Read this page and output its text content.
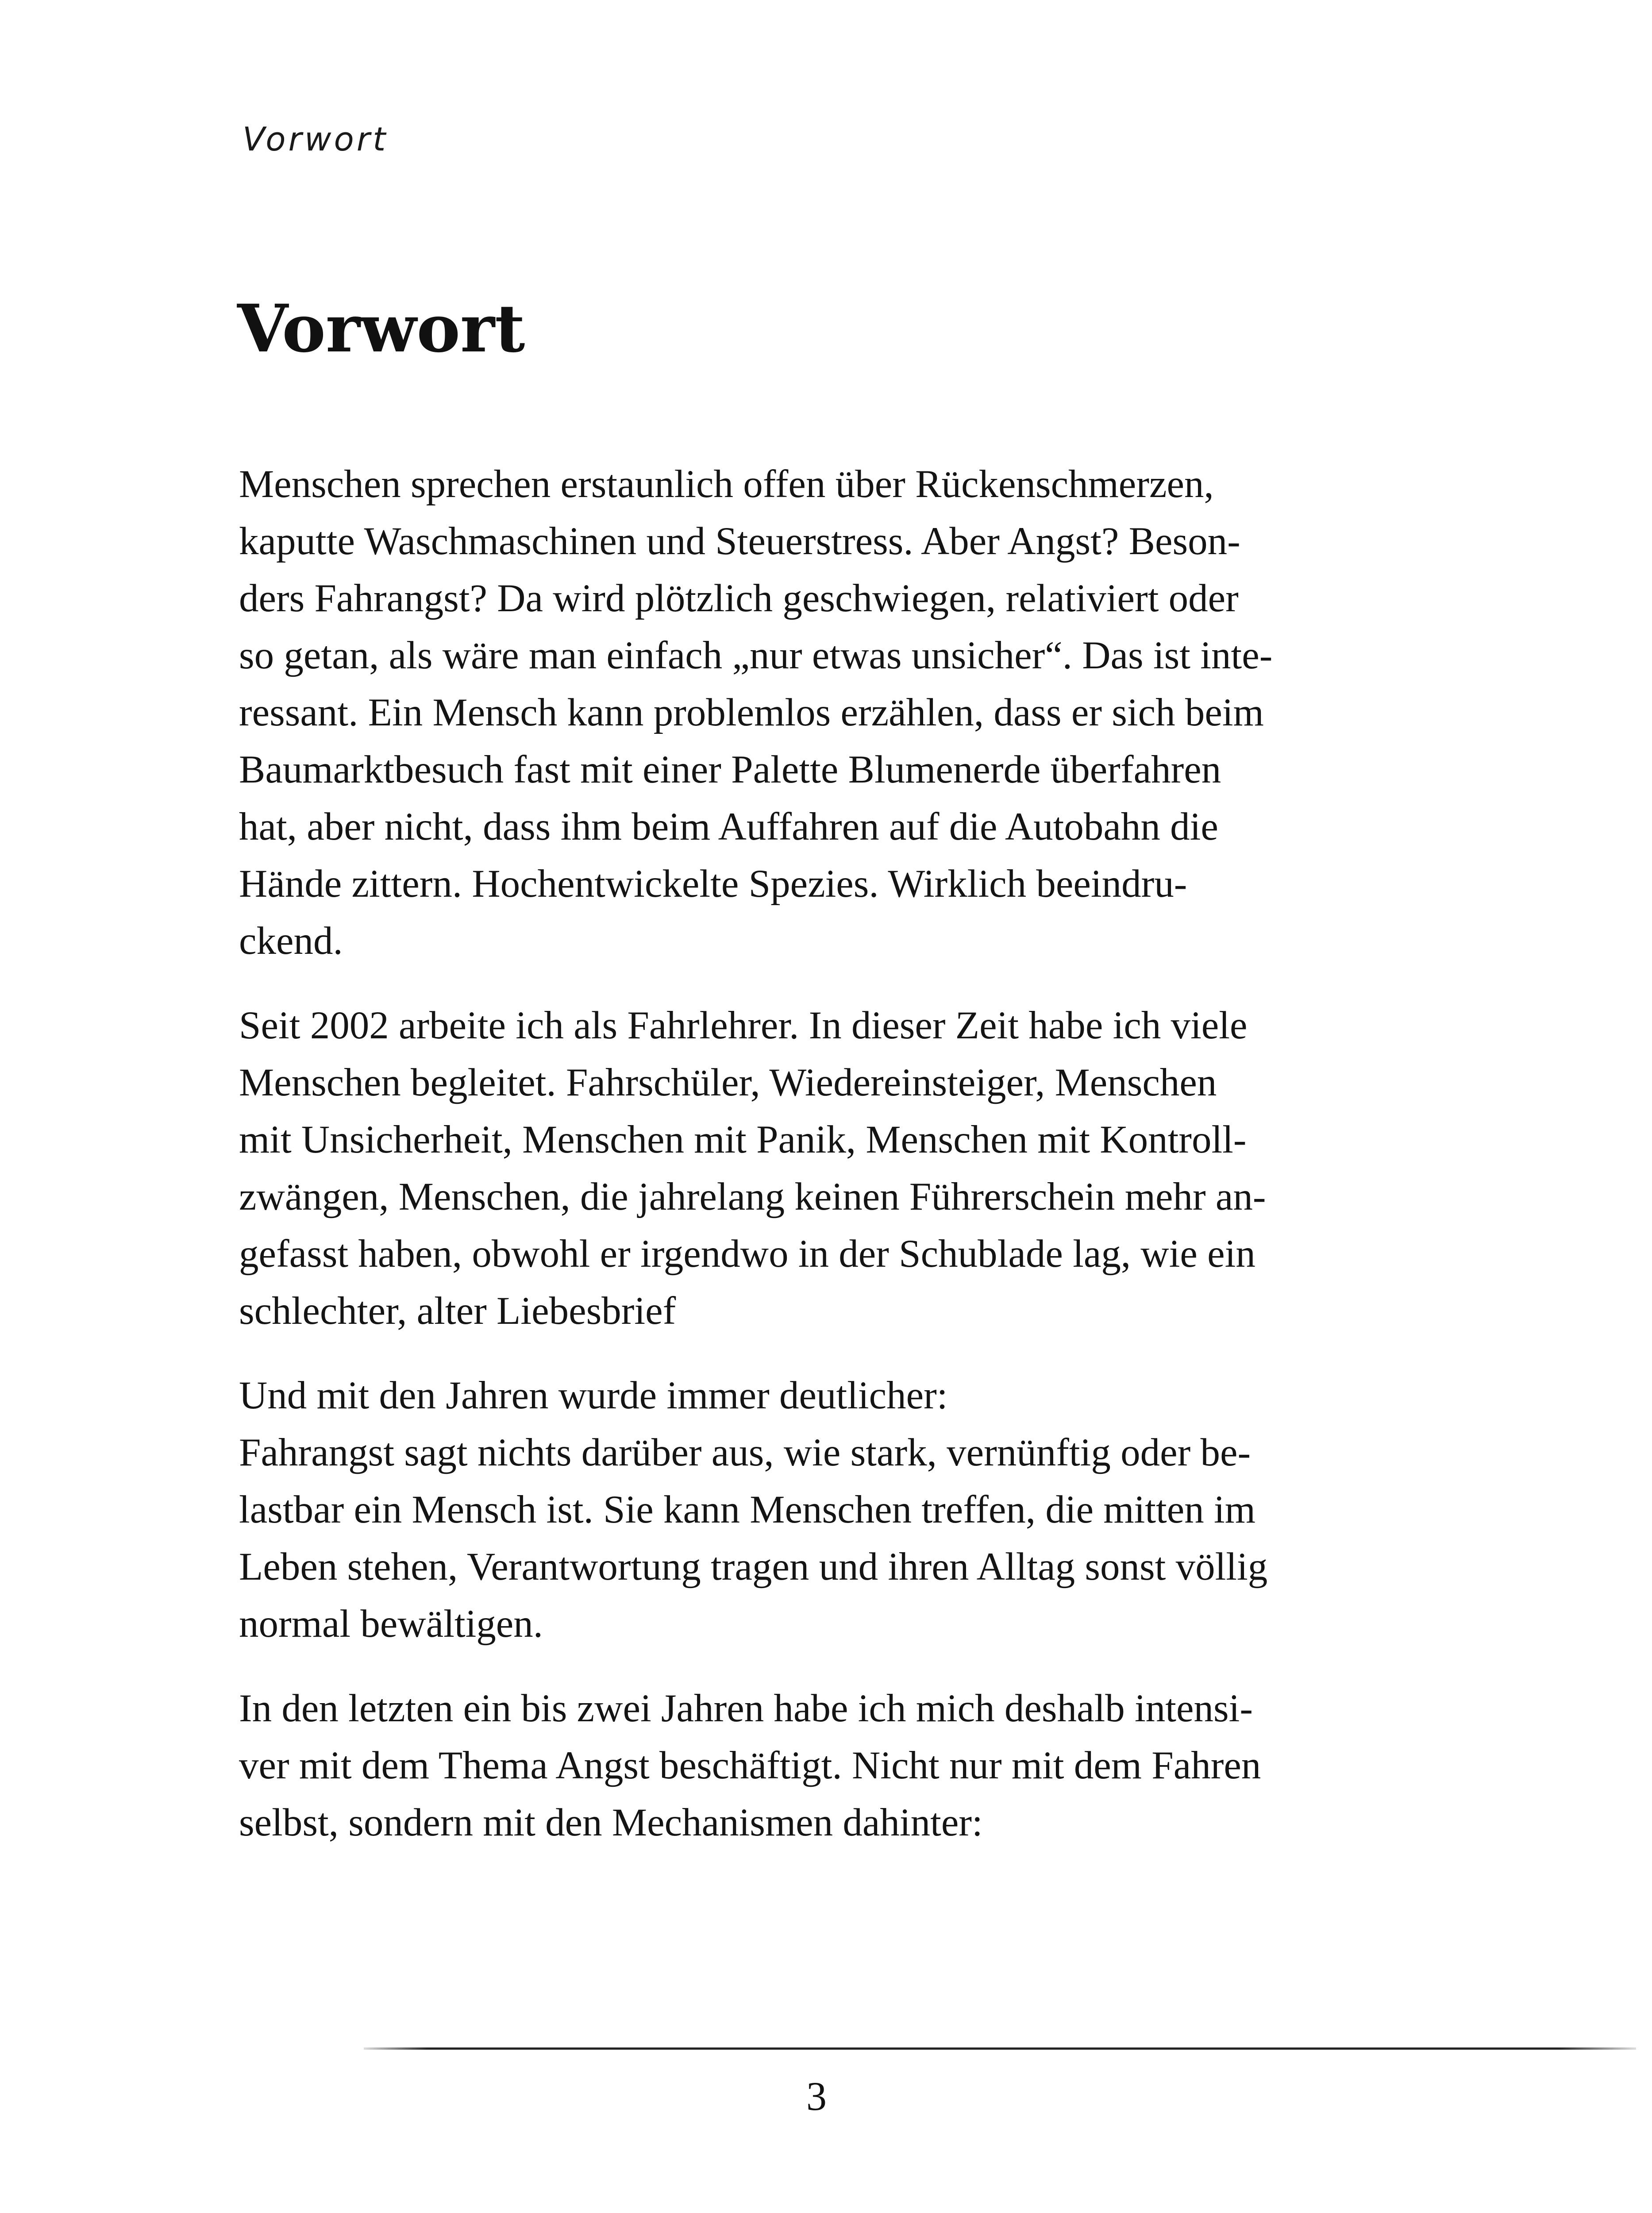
Vorwort
Vorwort

Menschen sprechen erstaunlich offen über Rückenschmerzen,
kaputte Waschmaschinen und Steuerstress. Aber Angst? Beson-
ders Fahrangst? Da wird plötzlich geschwiegen, relativiert oder
so getan, als wäre man einfach „nur etwas unsicher“. Das ist inte-
ressant. Ein Mensch kann problemlos erzählen, dass er sich beim
Baumarktbesuch fast mit einer Palette Blumenerde überfahren
hat, aber nicht, dass ihm beim Auffahren auf die Autobahn die
Hände zittern. Hochentwickelte Spezies. Wirklich beeindru-
ckend.

Seit 2002 arbeite ich als Fahrlehrer. In dieser Zeit habe ich viele
Menschen begleitet. Fahrschüler, Wiedereinsteiger, Menschen
mit Unsicherheit, Menschen mit Panik, Menschen mit Kontroll-
zwängen, Menschen, die jahrelang keinen Führerschein mehr an-
gefasst haben, obwohl er irgendwo in der Schublade lag, wie ein
schlechter, alter Liebesbrief

Und mit den Jahren wurde immer deutlicher:
Fahrangst sagt nichts darüber aus, wie stark, vernünftig oder be-
lastbar ein Mensch ist. Sie kann Menschen treffen, die mitten im
Leben stehen, Verantwortung tragen und ihren Alltag sonst völlig
normal bewältigen.

In den letzten ein bis zwei Jahren habe ich mich deshalb intensi-
ver mit dem Thema Angst beschäftigt. Nicht nur mit dem Fahren
selbst, sondern mit den Mechanismen dahinter:

3
